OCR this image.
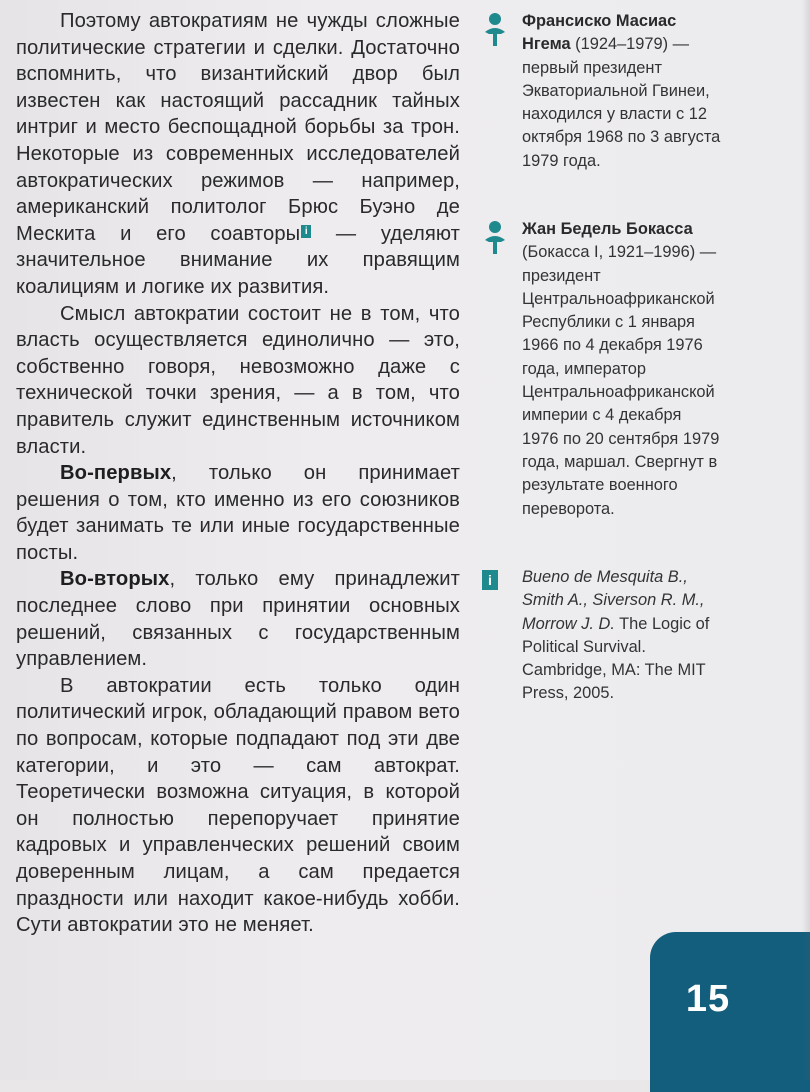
Поэтому автократиям не чужды сложные политические стратегии и сделки. Достаточно вспомнить, что византийский двор был известен как настоящий рассадник тайных интриг и место беспощадной борьбы за трон. Некоторые из современных исследователей автократических режимов — например, американский политолог Брюс Буэно де Мескита и его соавторы i — уделяют значительное внимание их правящим коалициям и логике их развития.

Смысл автократии состоит не в том, что власть осуществляется единолично — это, собственно говоря, невозможно даже с технической точки зрения, — а в том, что правитель служит единственным источником власти.

Во-первых, только он принимает решения о том, кто именно из его союзников будет занимать те или иные государственные посты.

Во-вторых, только ему принадлежит последнее слово при принятии основных решений, связанных с государственным управлением.

В автократии есть только один политический игрок, обладающий правом вето по вопросам, которые подпадают под эти две категории, и это — сам автократ. Теоретически возможна ситуация, в которой он полностью перепоручает принятие кадровых и управленческих решений своим доверенным лицам, а сам предается праздности или находит какое-нибудь хобби. Сути автократии это не меняет.

Франсиско Масиас Нгема (1924–1979) — первый президент Экваториальной Гвинеи, находился у власти с 12 октября 1968 по 3 августа 1979 года.
Жан Бедель Бокасса (Бокасса I, 1921–1996) — президент Центральноафриканской Республики с 1 января 1966 по 4 декабря 1976 года, император Центральноафриканской империи с 4 декабря 1976 по 20 сентября 1979 года, маршал. Свергнут в результате военного переворота.
i	Bueno de Mesquita B., Smith A., Siverson R. M., Morrow J. D. The Logic of Political Survival. Cambridge, MA: The MIT Press, 2005.
15
